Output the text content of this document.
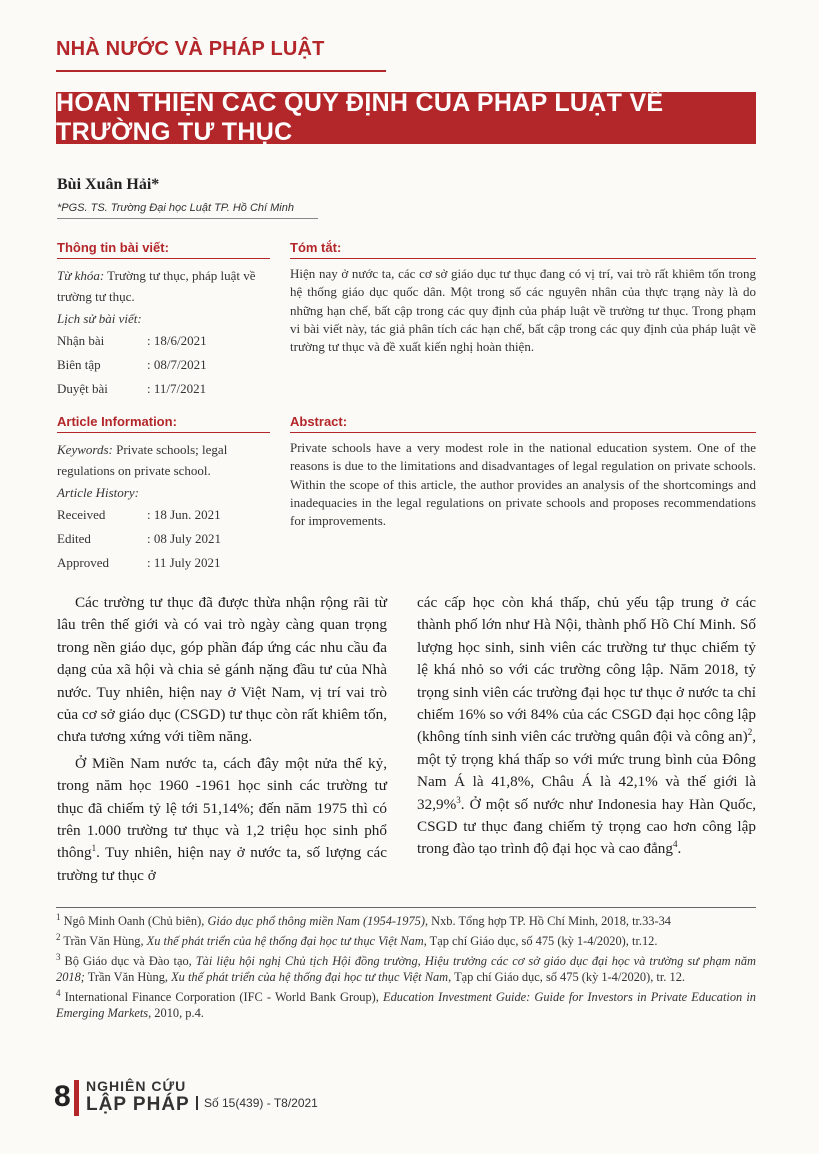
NHÀ NƯỚC VÀ PHÁP LUẬT
HOÀN THIỆN CÁC QUY ĐỊNH CỦA PHÁP LUẬT VỀ TRƯỜNG TƯ THỤC
Bùi Xuân Hải*
*PGS. TS. Trường Đại học Luật TP. Hồ Chí Minh
Thông tin bài viết:
Từ khóa: Trường tư thục, pháp luật về trường tư thục.
Lịch sử bài viết:
Nhận bài	: 18/6/2021
Biên tập	: 08/7/2021
Duyệt bài	: 11/7/2021
Tóm tắt:
Hiện nay ở nước ta, các cơ sở giáo dục tư thục đang có vị trí, vai trò rất khiêm tốn trong hệ thống giáo dục quốc dân. Một trong số các nguyên nhân của thực trạng này là do những hạn chế, bất cập trong các quy định của pháp luật về trường tư thục. Trong phạm vi bài viết này, tác giả phân tích các hạn chế, bất cập trong các quy định của pháp luật về trường tư thục và đề xuất kiến nghị hoàn thiện.
Article Information:
Keywords: Private schools; legal regulations on private school.
Article History:
Received	: 18 Jun. 2021
Edited	: 08 July 2021
Approved	: 11 July 2021
Abstract:
Private schools have a very modest role in the national education system. One of the reasons is due to the limitations and disadvantages of legal regulation on private schools. Within the scope of this article, the author provides an analysis of the shortcomings and inadequacies in the legal regulations on private schools and proposes recommendations for improvements.

Các trường tư thục đã được thừa nhận rộng rãi từ lâu trên thế giới và có vai trò ngày càng quan trọng trong nền giáo dục, góp phần đáp ứng các nhu cầu đa dạng của xã hội và chia sẻ gánh nặng đầu tư của Nhà nước. Tuy nhiên, hiện nay ở Việt Nam, vị trí vai trò của cơ sở giáo dục (CSGD) tư thục còn rất khiêm tốn, chưa tương xứng với tiềm năng.

Ở Miền Nam nước ta, cách đây một nửa thế kỷ, trong năm học 1960 -1961 học sinh các trường tư thục đã chiếm tỷ lệ tới 51,14%; đến năm 1975 thì có trên 1.000 trường tư thục và 1,2 triệu học sinh phổ thông$^1$. Tuy nhiên, hiện nay ở nước ta, số lượng các trường tư thục ở

các cấp học còn khá thấp, chủ yếu tập trung ở các thành phố lớn như Hà Nội, thành phố Hồ Chí Minh. Số lượng học sinh, sinh viên các trường tư thục chiếm tỷ lệ khá nhỏ so với các trường công lập. Năm 2018, tỷ trọng sinh viên các trường đại học tư thục ở nước ta chỉ chiếm 16% so với 84% của các CSGD đại học công lập (không tính sinh viên các trường quân đội và công an)$^2$, một tỷ trọng khá thấp so với mức trung bình của Đông Nam Á là 41,8%, Châu Á là 42,1% và thế giới là 32,9%$^3$. Ở một số nước như Indonesia hay Hàn Quốc, CSGD tư thục đang chiếm tỷ trọng cao hơn công lập trong đào tạo trình độ đại học và cao đẳng$^4$.

$^1$ Ngô Minh Oanh (Chủ biên), Giáo dục phổ thông miền Nam (1954-1975), Nxb. Tổng hợp TP. Hồ Chí Minh, 2018, tr.33-34
$^2$ Trần Văn Hùng, Xu thế phát triển của hệ thống đại học tư thục Việt Nam, Tạp chí Giáo dục, số 475 (kỳ 1-4/2020), tr.12.
$^3$ Bộ Giáo dục và Đào tạo, Tài liệu hội nghị Chủ tịch Hội đồng trường, Hiệu trưởng các cơ sở giáo dục đại học và trường sư phạm năm 2018; Trần Văn Hùng, Xu thế phát triển của hệ thống đại học tư thục Việt Nam, Tạp chí Giáo dục, số 475 (kỳ 1-4/2020), tr. 12.
$^4$ International Finance Corporation (IFC - World Bank Group), Education Investment Guide: Guide for Investors in Private Education in Emerging Markets, 2010, p.4.
8 NGHIÊN CỨU
LẬP PHÁP	Số 15(439) - T8/2021
